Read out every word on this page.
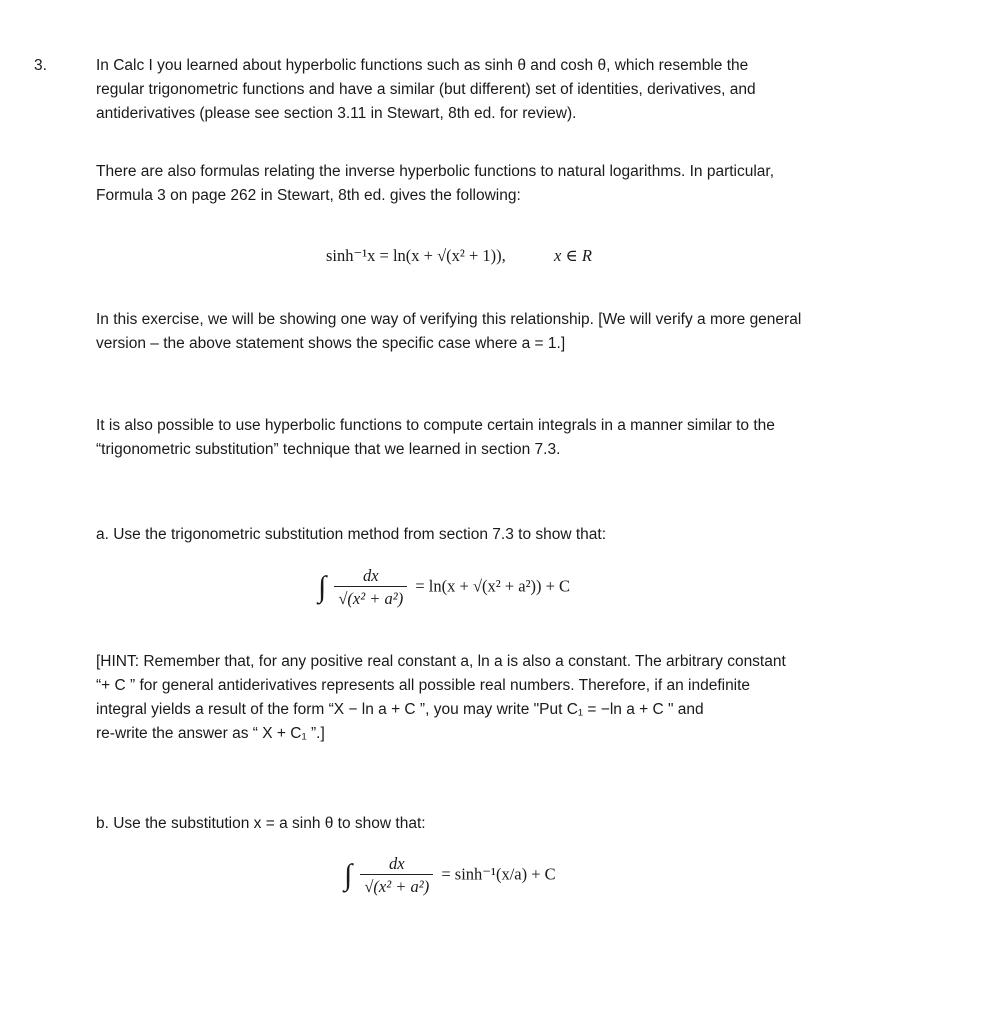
3.	In Calc I you learned about hyperbolic functions such as sinh θ and cosh θ, which resemble the
regular trigonometric functions and have a similar (but different) set of identities, derivatives, and
antiderivatives (please see section 3.11 in Stewart, 8th ed. for review).

There are also formulas relating the inverse hyperbolic functions to natural logarithms. In particular,
Formula 3 on page 262 in Stewart, 8th ed. gives the following:

sinh⁻¹x = ln(x + √(x² + 1)),	x ∈ R

In this exercise, we will be showing one way of verifying this relationship. [We will verify a more general
version – the above statement shows the specific case where a = 1.]

It is also possible to use hyperbolic functions to compute certain integrals in a manner similar to the
“trigonometric substitution” technique that we learned in section 7.3.

a. Use the trigonometric substitution method from section 7.3 to show that:

∫ $\frac{dx}{\text{√(x² + a²)}} = \ln(x + √(x^2 + a^2)) + C$

[HINT: Remember that, for any positive real constant a, ln a is also a constant. The arbitrary constant
“+ C ” for general antiderivatives represents all possible real numbers. Therefore, if an indefinite
integral yields a result of the form “X − ln a + C ”, you may write "Put C₁ = −ln a + C " and
re-write the answer as “ X + C₁ ”.]

b. Use the substitution x = a sinh θ to show that:

∫ $\frac{dx}{\text{√(x² + a²)}} = \sinh^{-1}(x/a) + C$
